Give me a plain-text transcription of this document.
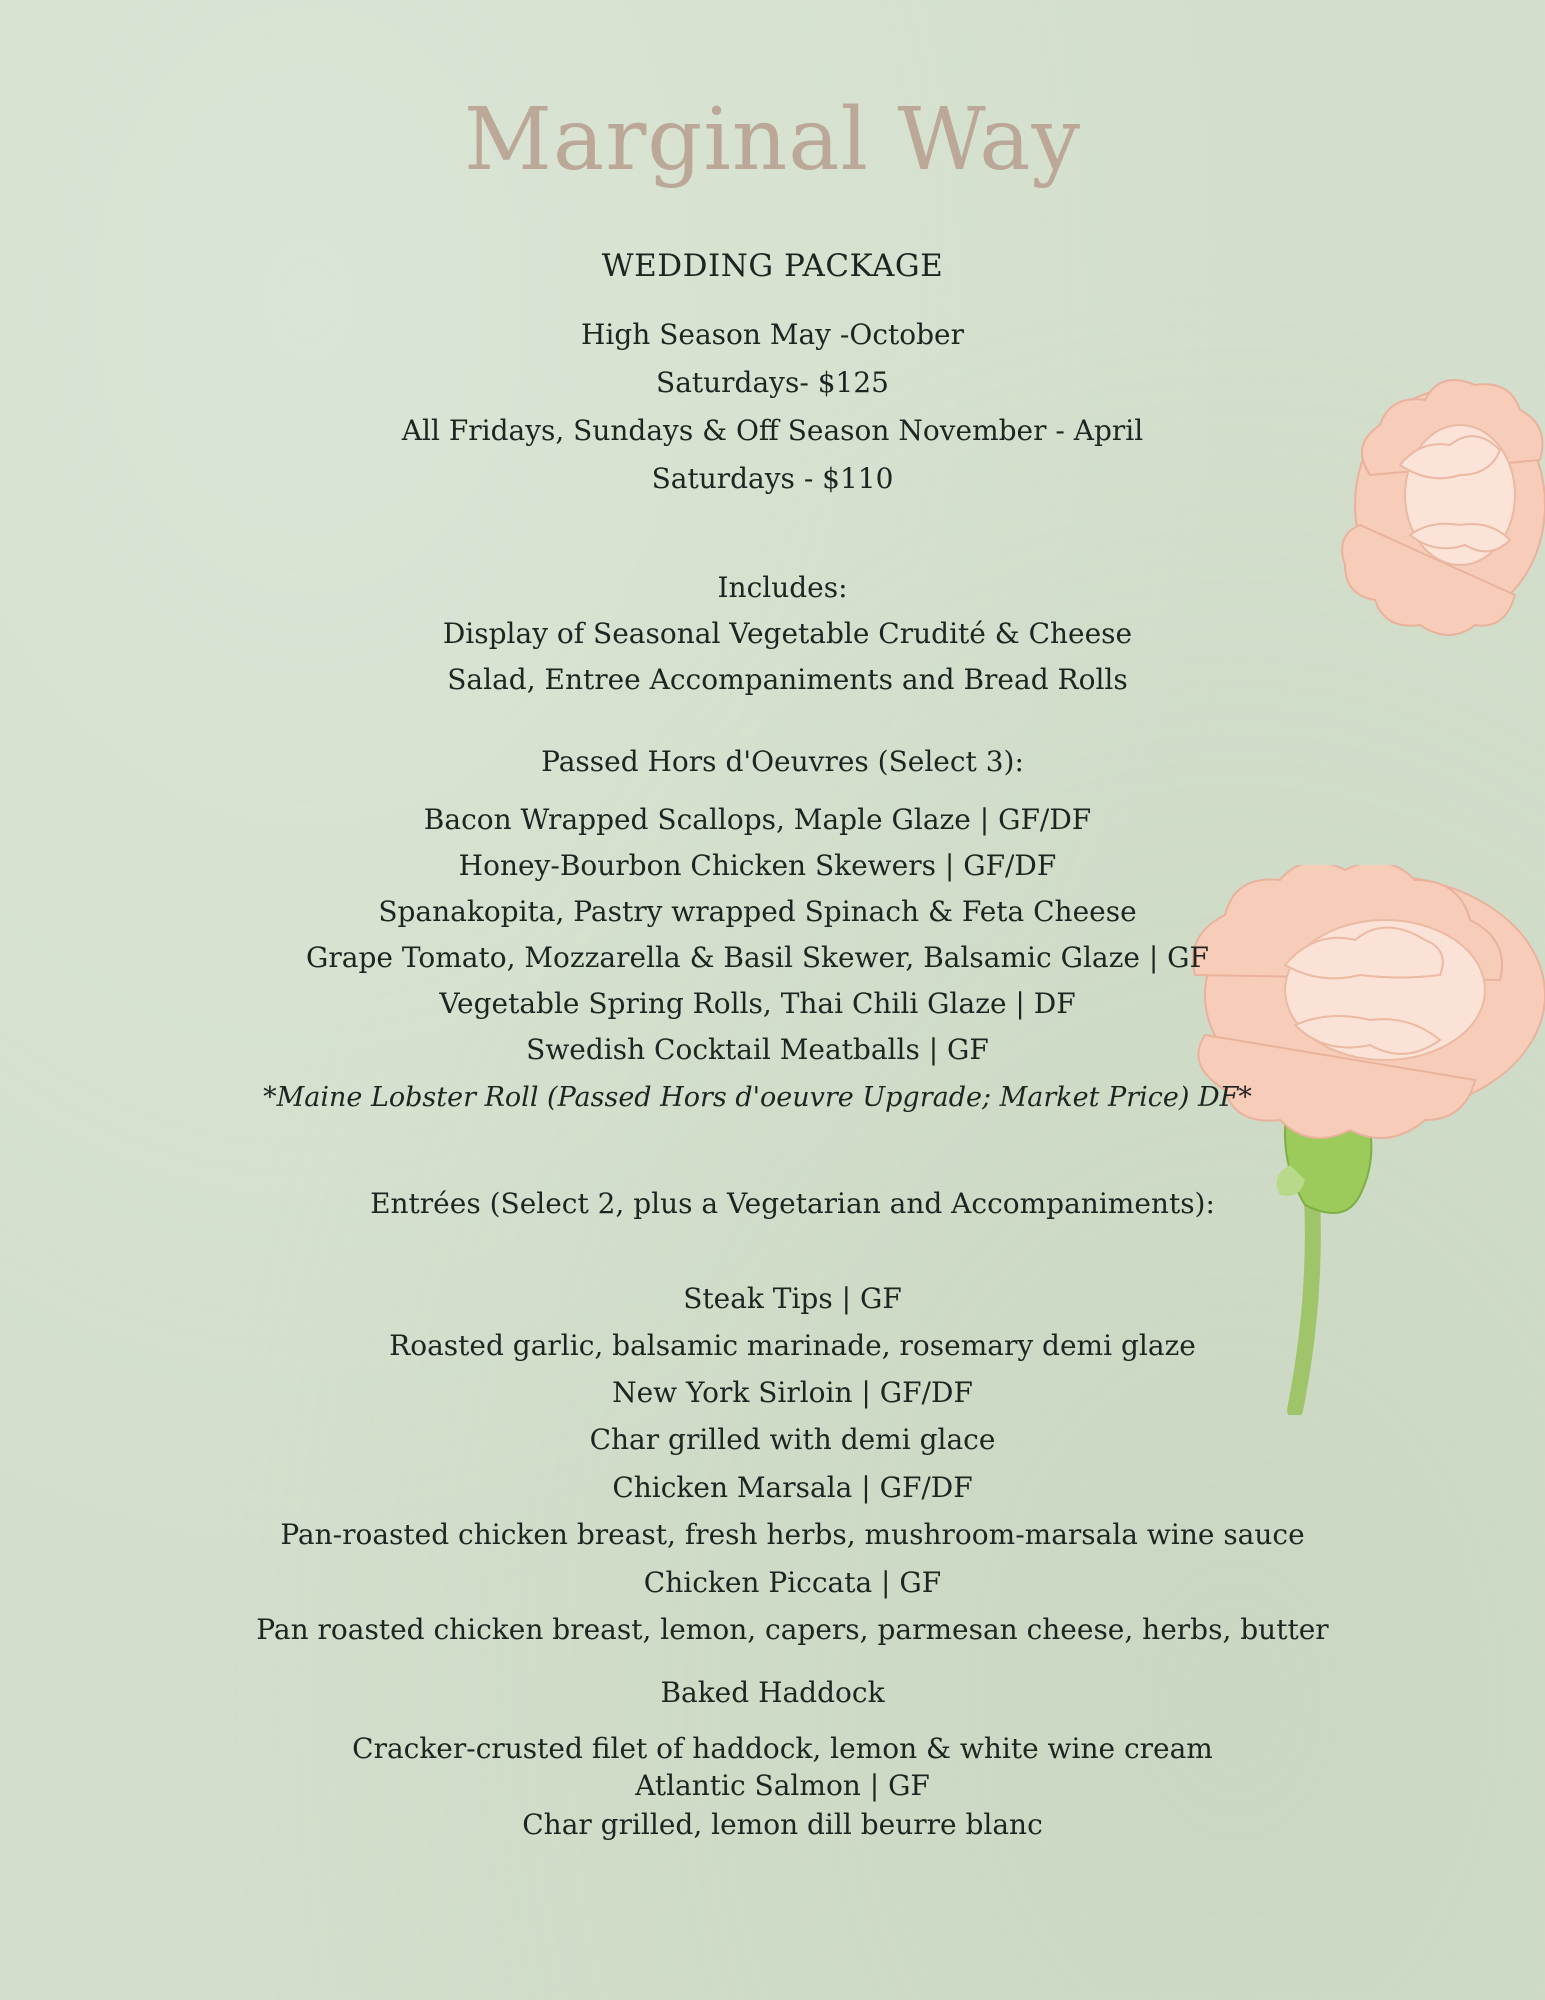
Marginal Way
WEDDING PACKAGE
High Season May -October
Saturdays- $125
All Fridays, Sundays & Off Season November - April
Saturdays - $110
Includes:
Display of Seasonal Vegetable Crudité & Cheese
Salad, Entree Accompaniments and Bread Rolls
Passed Hors d'Oeuvres (Select 3):
Bacon Wrapped Scallops, Maple Glaze | GF/DF
Honey-Bourbon Chicken Skewers | GF/DF
Spanakopita, Pastry wrapped Spinach & Feta Cheese
Grape Tomato, Mozzarella & Basil Skewer, Balsamic Glaze | GF
Vegetable Spring Rolls, Thai Chili Glaze | DF
Swedish Cocktail Meatballs | GF
*Maine Lobster Roll (Passed Hors d'oeuvre Upgrade; Market Price) DF*
Entrées (Select 2, plus a Vegetarian and Accompaniments):
Steak Tips | GF
Roasted garlic, balsamic marinade, rosemary demi glaze
New York Sirloin | GF/DF
Char grilled with demi glace
Chicken Marsala | GF/DF
Pan-roasted chicken breast, fresh herbs, mushroom-marsala wine sauce
Chicken Piccata | GF
Pan roasted chicken breast, lemon, capers, parmesan cheese, herbs, butter
Baked Haddock
Cracker-crusted filet of haddock, lemon & white wine cream
Atlantic Salmon | GF
Char grilled, lemon dill beurre blanc
